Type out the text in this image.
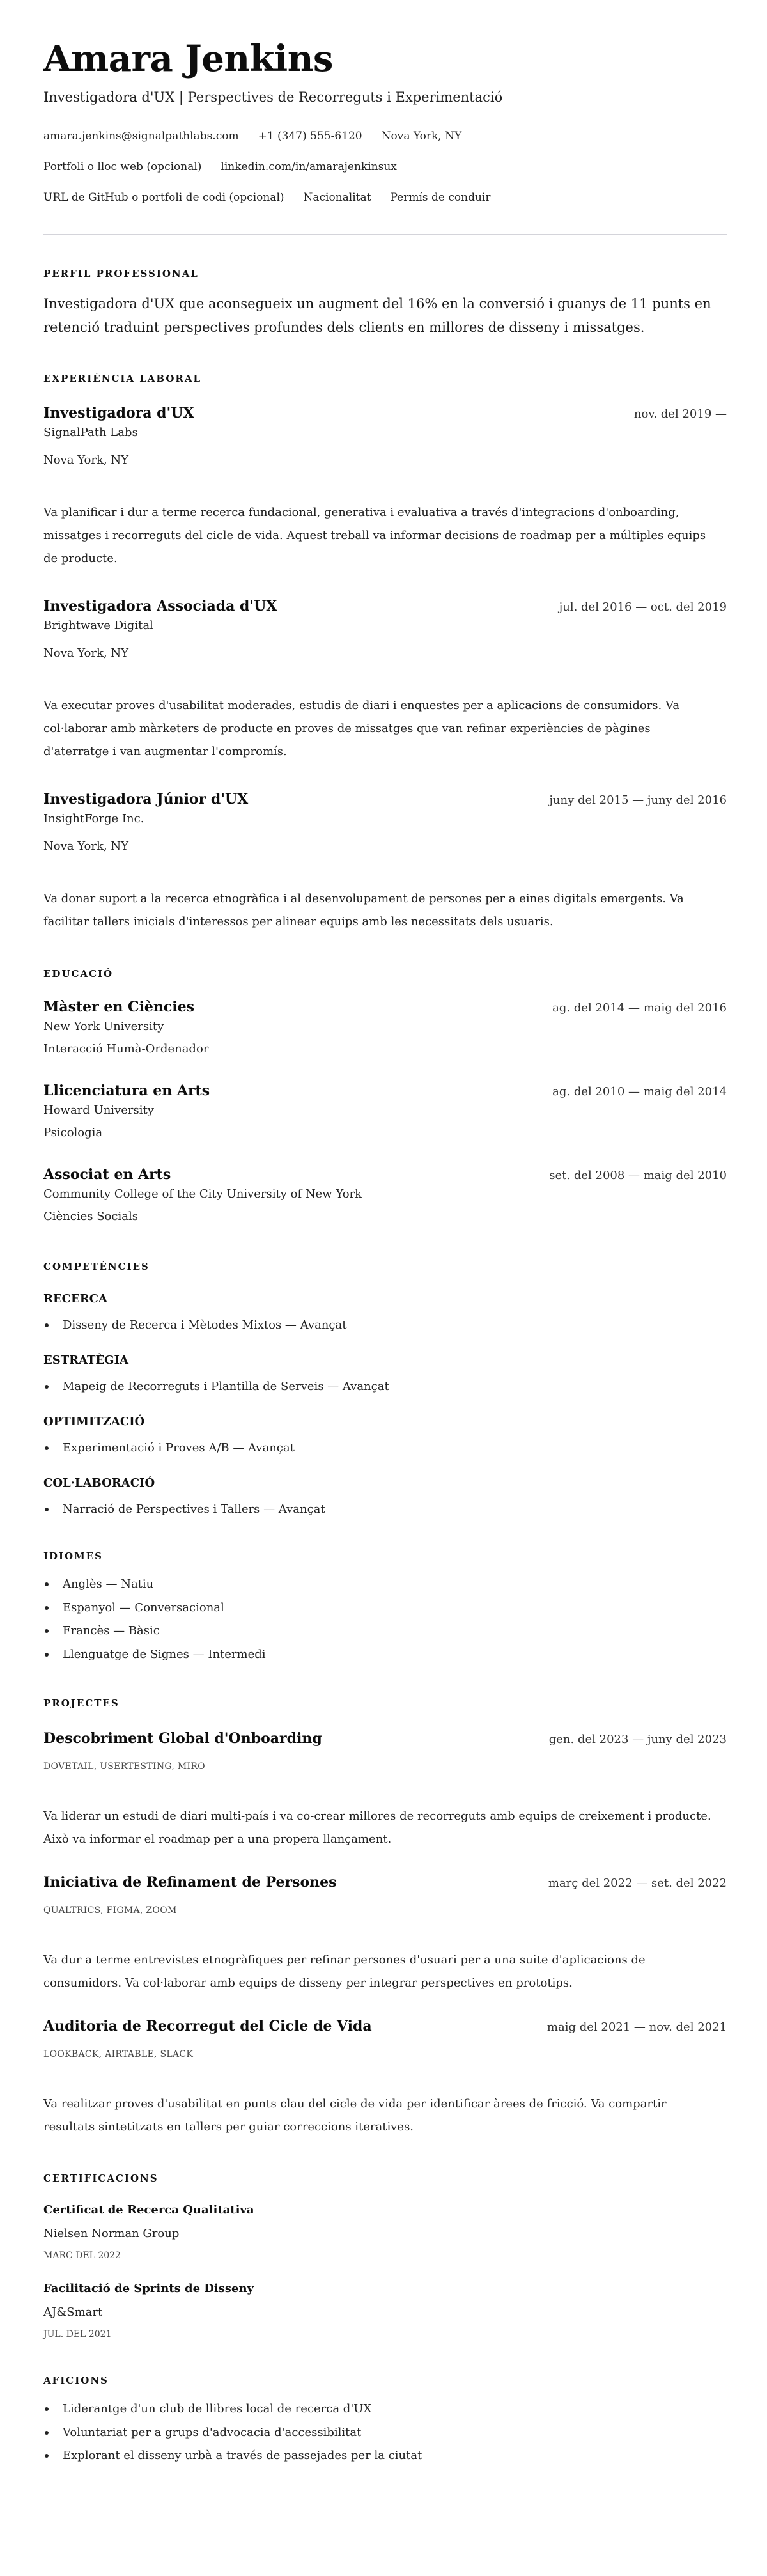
Amara Jenkins
Investigadora d'UX | Perspectives de Recorreguts i Experimentació
amara.jenkins@signalpathlabs.com +1 (347) 555-6120 Nova York, NY
Portfoli o lloc web (opcional) linkedin.com/in/amarajenkinsux
URL de GitHub o portfoli de codi (opcional) Nacionalitat Permís de conduir
PERFIL PROFESSIONAL
Investigadora d'UX que aconsegueix un augment del 16% en la conversió i guanys de 11 punts en retenció traduint perspectives profundes dels clients en millores de disseny i missatges.
EXPERIÈNCIA LABORAL
Investigadora d'UX	nov. del 2019 —
SignalPath Labs
Nova York, NY
Va planificar i dur a terme recerca fundacional, generativa i evaluativa a través d'integracions d'onboarding, missatges i recorreguts del cicle de vida. Aquest treball va informar decisions de roadmap per a múltiples equips de producte.
Investigadora Associada d'UX	jul. del 2016 — oct. del 2019
Brightwave Digital
Nova York, NY
Va executar proves d'usabilitat moderades, estudis de diari i enquestes per a aplicacions de consumidors. Va col·laborar amb màrketers de producte en proves de missatges que van refinar experiències de pàgines d'aterratge i van augmentar l'compromís.
Investigadora Júnior d'UX	juny del 2015 — juny del 2016
InsightForge Inc.
Nova York, NY
Va donar suport a la recerca etnogràfica i al desenvolupament de persones per a eines digitals emergents. Va facilitar tallers inicials d'interessos per alinear equips amb les necessitats dels usuaris.
EDUCACIÓ
Màster en Ciències	ag. del 2014 — maig del 2016
New York University
Interacció Humà-Ordenador
Llicenciatura en Arts	ag. del 2010 — maig del 2014
Howard University
Psicologia
Associat en Arts	set. del 2008 — maig del 2010
Community College of the City University of New York
Ciències Socials
COMPETÈNCIES
RECERCA
Disseny de Recerca i Mètodes Mixtos — Avançat
ESTRATÈGIA
Mapeig de Recorreguts i Plantilla de Serveis — Avançat
OPTIMITZACIÓ
Experimentació i Proves A/B — Avançat
COL·LABORACIÓ
Narració de Perspectives i Tallers — Avançat
IDIOMES
Anglès — Natiu
Espanyol — Conversacional
Francès — Bàsic
Llenguatge de Signes — Intermedi
PROJECTES
Descobriment Global d'Onboarding	gen. del 2023 — juny del 2023
DOVETAIL, USERTESTING, MIRO
Va liderar un estudi de diari multi-país i va co-crear millores de recorreguts amb equips de creixement i producte. Això va informar el roadmap per a una propera llançament.
Iniciativa de Refinament de Persones	març del 2022 — set. del 2022
QUALTRICS, FIGMA, ZOOM
Va dur a terme entrevistes etnogràfiques per refinar persones d'usuari per a una suite d'aplicacions de consumidors. Va col·laborar amb equips de disseny per integrar perspectives en prototips.
Auditoria de Recorregut del Cicle de Vida	maig del 2021 — nov. del 2021
LOOKBACK, AIRTABLE, SLACK
Va realitzar proves d'usabilitat en punts clau del cicle de vida per identificar àrees de fricció. Va compartir resultats sintetitzats en tallers per guiar correccions iteratives.
CERTIFICACIONS
Certificat de Recerca Qualitativa
Nielsen Norman Group
MARÇ DEL 2022
Facilitació de Sprints de Disseny
AJ&Smart
JUL. DEL 2021
AFICIONS
Liderantge d'un club de llibres local de recerca d'UX
Voluntariat per a grups d'advocacia d'accessibilitat
Explorant el disseny urbà a través de passejades per la ciutat
